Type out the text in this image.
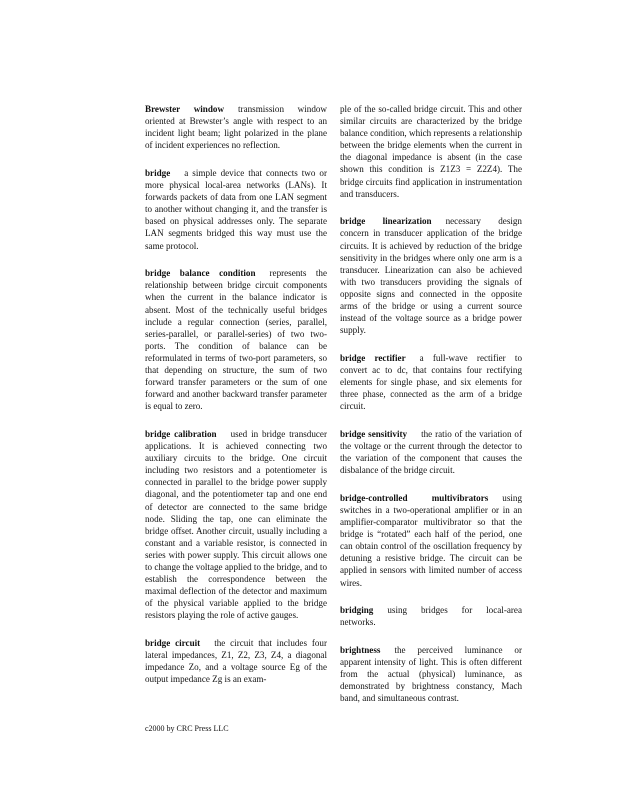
Brewster window transmission window oriented at Brewster’s angle with respect to an incident light beam; light polarized in the plane of incident experiences no reflection.
bridge a simple device that connects two or more physical local-area networks (LANs). It forwards packets of data from one LAN segment to another without changing it, and the transfer is based on physical addresses only. The separate LAN segments bridged this way must use the same protocol.
bridge balance condition represents the relationship between bridge circuit components when the current in the balance indicator is absent. Most of the technically useful bridges include a regular connection (series, parallel, series-parallel, or parallel-series) of two two-ports. The condition of balance can be reformulated in terms of two-port parameters, so that depending on structure, the sum of two forward transfer parameters or the sum of one forward and another backward transfer parameter is equal to zero.
bridge calibration used in bridge transducer applications. It is achieved connecting two auxiliary circuits to the bridge. One circuit including two resistors and a potentiometer is connected in parallel to the bridge power supply diagonal, and the potentiometer tap and one end of detector are connected to the same bridge node. Sliding the tap, one can eliminate the bridge offset. Another circuit, usually including a constant and a variable resistor, is connected in series with power supply. This circuit allows one to change the voltage applied to the bridge, and to establish the correspondence between the maximal deflection of the detector and maximum of the physical variable applied to the bridge resistors playing the role of active gauges.
bridge circuit the circuit that includes four lateral impedances, Z1, Z2, Z3, Z4, a diagonal impedance Zo, and a voltage source Eg of the output impedance Zg is an exam-
ple of the so-called bridge circuit. This and other similar circuits are characterized by the bridge balance condition, which represents a relationship between the bridge elements when the current in the diagonal impedance is absent (in the case shown this condition is Z1Z3 = Z2Z4). The bridge circuits find application in instrumentation and transducers.
bridge linearization necessary design concern in transducer application of the bridge circuits. It is achieved by reduction of the bridge sensitivity in the bridges where only one arm is a transducer. Linearization can also be achieved with two transducers providing the signals of opposite signs and connected in the opposite arms of the bridge or using a current source instead of the voltage source as a bridge power supply.
bridge rectifier a full-wave rectifier to convert ac to dc, that contains four rectifying elements for single phase, and six elements for three phase, connected as the arm of a bridge circuit.
bridge sensitivity the ratio of the variation of the voltage or the current through the detector to the variation of the component that causes the disbalance of the bridge circuit.
bridge-controlled multivibrators using switches in a two-operational amplifier or in an amplifier-comparator multivibrator so that the bridge is “rotated” each half of the period, one can obtain control of the oscillation frequency by detuning a resistive bridge. The circuit can be applied in sensors with limited number of access wires.
bridging using bridges for local-area networks.
brightness the perceived luminance or apparent intensity of light. This is often different from the actual (physical) luminance, as demonstrated by brightness constancy, Mach band, and simultaneous contrast.
c2000 by CRC Press LLC
